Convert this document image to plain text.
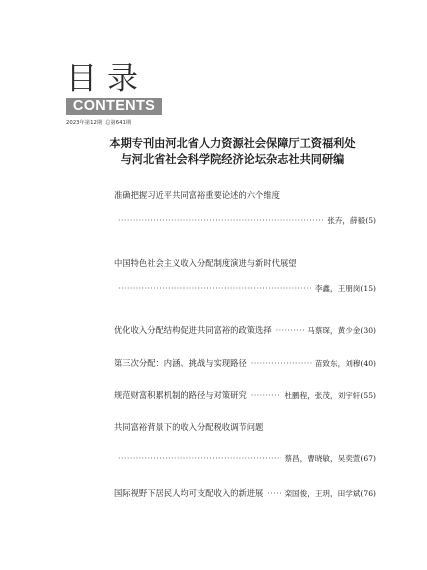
目录
CONTENTS
2023年第12期 总第641期
本期专刊由河北省人力资源社会保障厅工资福利处
与河北省社会科学院经济论坛杂志社共同研编
准确把握习近平共同富裕重要论述的六个维度
·····
张卉，薛毅(5)
中国特色社会主义收入分配制度演进与新时代展望
·····
李鑫，王朋岗(15)
优化收入分配结构促进共同富裕的政策选择 ·····	马蔡琛，黄少金(30)
第三次分配：内涵、挑战与实现路径 ·····	苗致东，刘穆(40)
规范财富积累机制的路径与对策研究 ·····	杜鹏程，张茂，刘宇轩(55)
共同富裕背景下的收入分配税收调节问题
·····
蔡昌，曹晓敏，吴奕萱(67)
国际视野下居民人均可支配收入的新进展 ·····	栾国俊，王玥，田学斌(76)
